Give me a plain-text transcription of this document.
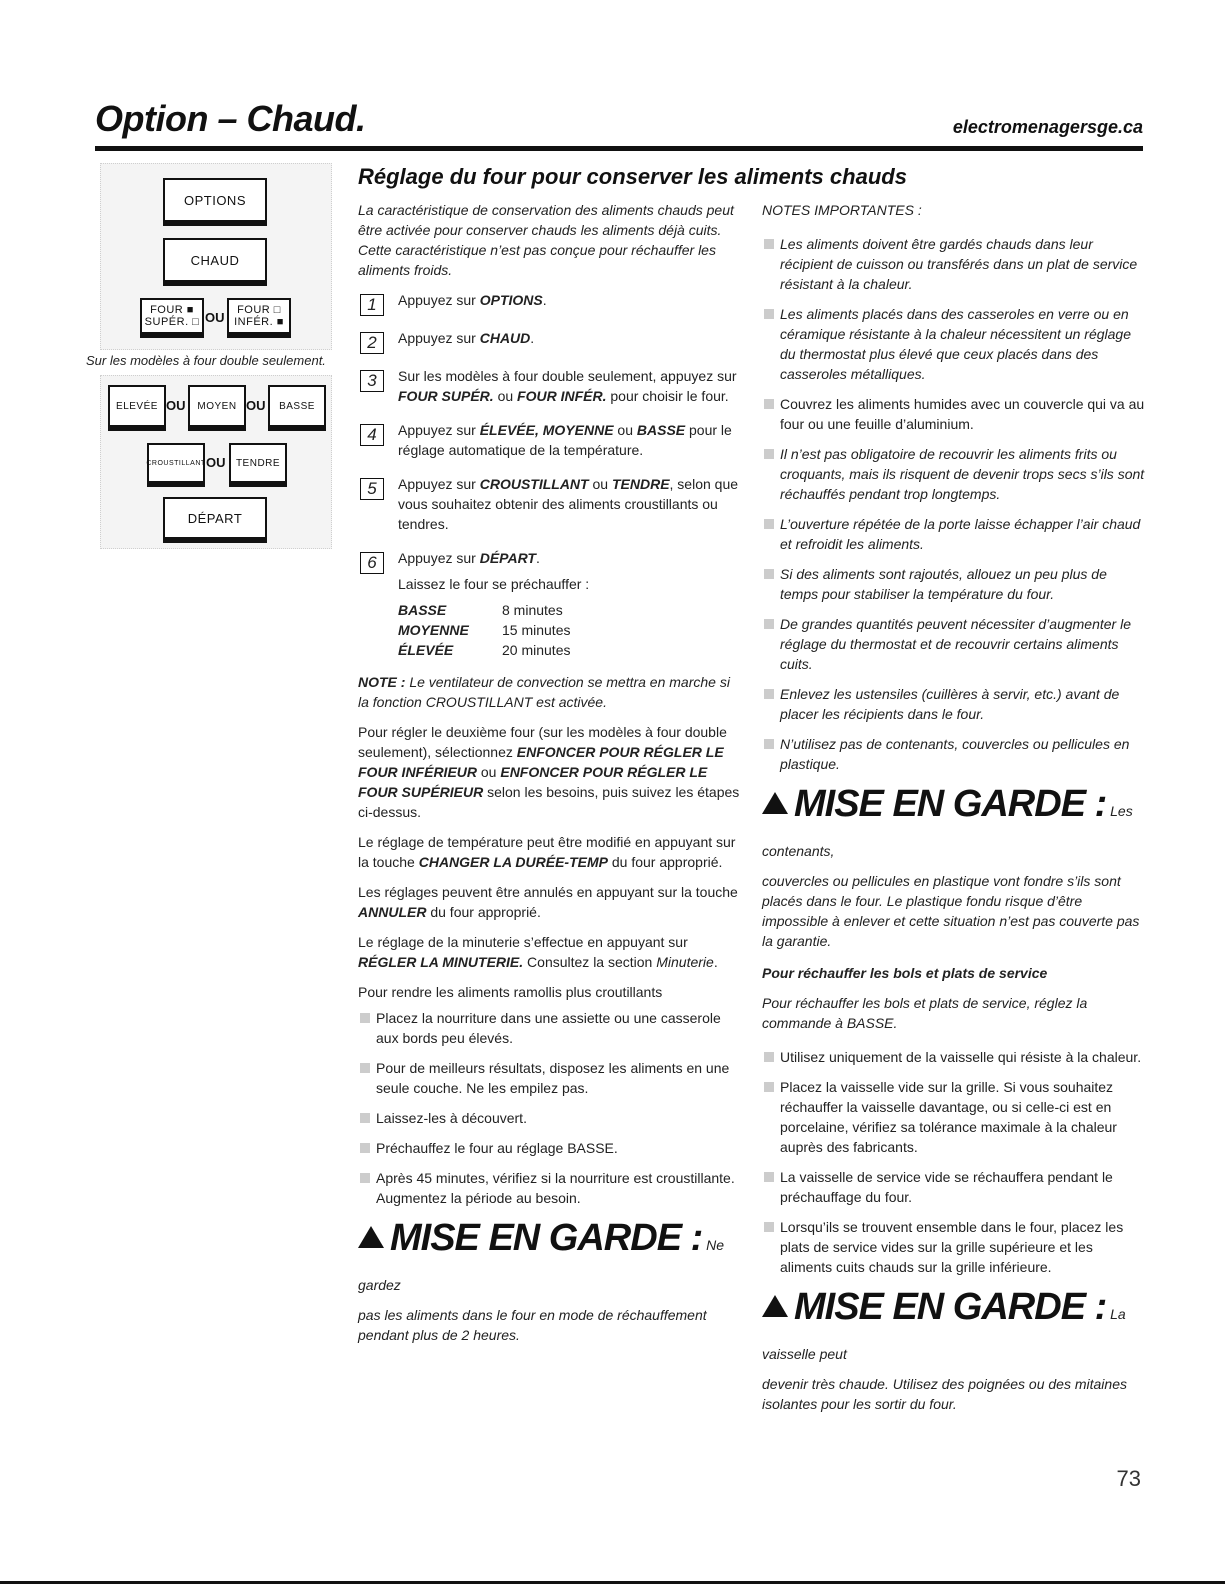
Option – Chaud.	electromenagersge.ca
OPTIONS
CHAUD
FOUR ■ SUPÉR. □ OU	FOUR □ INFÉR. ■
Sur les modèles à four double seulement.
ELEVÉE OU	MOYEN OU	BASSE
CROUSTILLANT OU	TENDRE
DÉPART
Réglage du four pour conserver les aliments chauds

La caractéristique de conservation des aliments chauds peut être activée pour conserver chauds les aliments déjà cuits. Cette caractéristique n’est pas conçue pour réchauffer les aliments froids.

1	Appuyez sur OPTIONS.
2	Appuyez sur CHAUD.
3	Sur les modèles à four double seulement, appuyez sur FOUR SUPÉR. ou FOUR INFÉR. pour choisir le four.
4	Appuyez sur ÉLEVÉE, MOYENNE ou BASSE pour le réglage automatique de la température.
5	Appuyez sur CROUSTILLANT ou TENDRE, selon que vous souhaitez obtenir des aliments croustillants ou tendres.
6	Appuyez sur DÉPART.
Laissez le four se préchauffer :
BASSE	8 minutes
MOYENNE	15 minutes
ÉLEVÉE	20 minutes

NOTE : Le ventilateur de convection se mettra en marche si la fonction CROUSTILLANT est activée.

Pour régler le deuxième four (sur les modèles à four double seulement), sélectionnez ENFONCER POUR RÉGLER LE FOUR INFÉRIEUR ou ENFONCER POUR RÉGLER LE FOUR SUPÉRIEUR selon les besoins, puis suivez les étapes ci-dessus.

Le réglage de température peut être modifié en appuyant sur la touche CHANGER LA DURÉE-TEMP du four approprié.

Les réglages peuvent être annulés en appuyant sur la touche ANNULER du four approprié.

Le réglage de la minuterie s’effectue en appuyant sur RÉGLER LA MINUTERIE. Consultez la section Minuterie.

Pour rendre les aliments ramollis plus croutillants

Placez la nourriture dans une assiette ou une casserole aux bords peu élevés.
Pour de meilleurs résultats, disposez les aliments en une seule couche. Ne les empilez pas.
Laissez-les à découvert.
Préchauffez le four au réglage BASSE.
Après 45 minutes, vérifiez si la nourriture est croustillante. Augmentez la période au besoin.
MISE EN GARDE : Ne gardez
pas les aliments dans le four en mode de réchauffement pendant plus de 2 heures.

NOTES IMPORTANTES :

Les aliments doivent être gardés chauds dans leur récipient de cuisson ou transférés dans un plat de service résistant à la chaleur.
Les aliments placés dans des casseroles en verre ou en céramique résistante à la chaleur nécessitent un réglage du thermostat plus élevé que ceux placés dans des casseroles métalliques.
Couvrez les aliments humides avec un couvercle qui va au four ou une feuille d’aluminium.
Il n’est pas obligatoire de recouvrir les aliments frits ou croquants, mais ils risquent de devenir trops secs s’ils sont réchauffés pendant trop longtemps.
L’ouverture répétée de la porte laisse échapper l’air chaud et refroidit les aliments.
Si des aliments sont rajoutés, allouez un peu plus de temps pour stabiliser la température du four.
De grandes quantités peuvent nécessiter d’augmenter le réglage du thermostat et de recouvrir certains aliments cuits.
Enlevez les ustensiles (cuillères à servir, etc.) avant de placer les récipients dans le four.
N’utilisez pas de contenants, couvercles ou pellicules en plastique.
MISE EN GARDE : Les contenants,
couvercles ou pellicules en plastique vont fondre s’ils sont placés dans le four. Le plastique fondu risque d’être impossible à enlever et cette situation n’est pas couverte pas la garantie.

Pour réchauffer les bols et plats de service

Pour réchauffer les bols et plats de service, réglez la commande à BASSE.

Utilisez uniquement de la vaisselle qui résiste à la chaleur.
Placez la vaisselle vide sur la grille. Si vous souhaitez réchauffer la vaisselle davantage, ou si celle-ci est en porcelaine, vérifiez sa tolérance maximale à la chaleur auprès des fabricants.
La vaisselle de service vide se réchauffera pendant le préchauffage du four.
Lorsqu’ils se trouvent ensemble dans le four, placez les plats de service vides sur la grille supérieure et les aliments cuits chauds sur la grille inférieure.
MISE EN GARDE : La vaisselle peut
devenir très chaude. Utilisez des poignées ou des mitaines isolantes pour les sortir du four.
73
